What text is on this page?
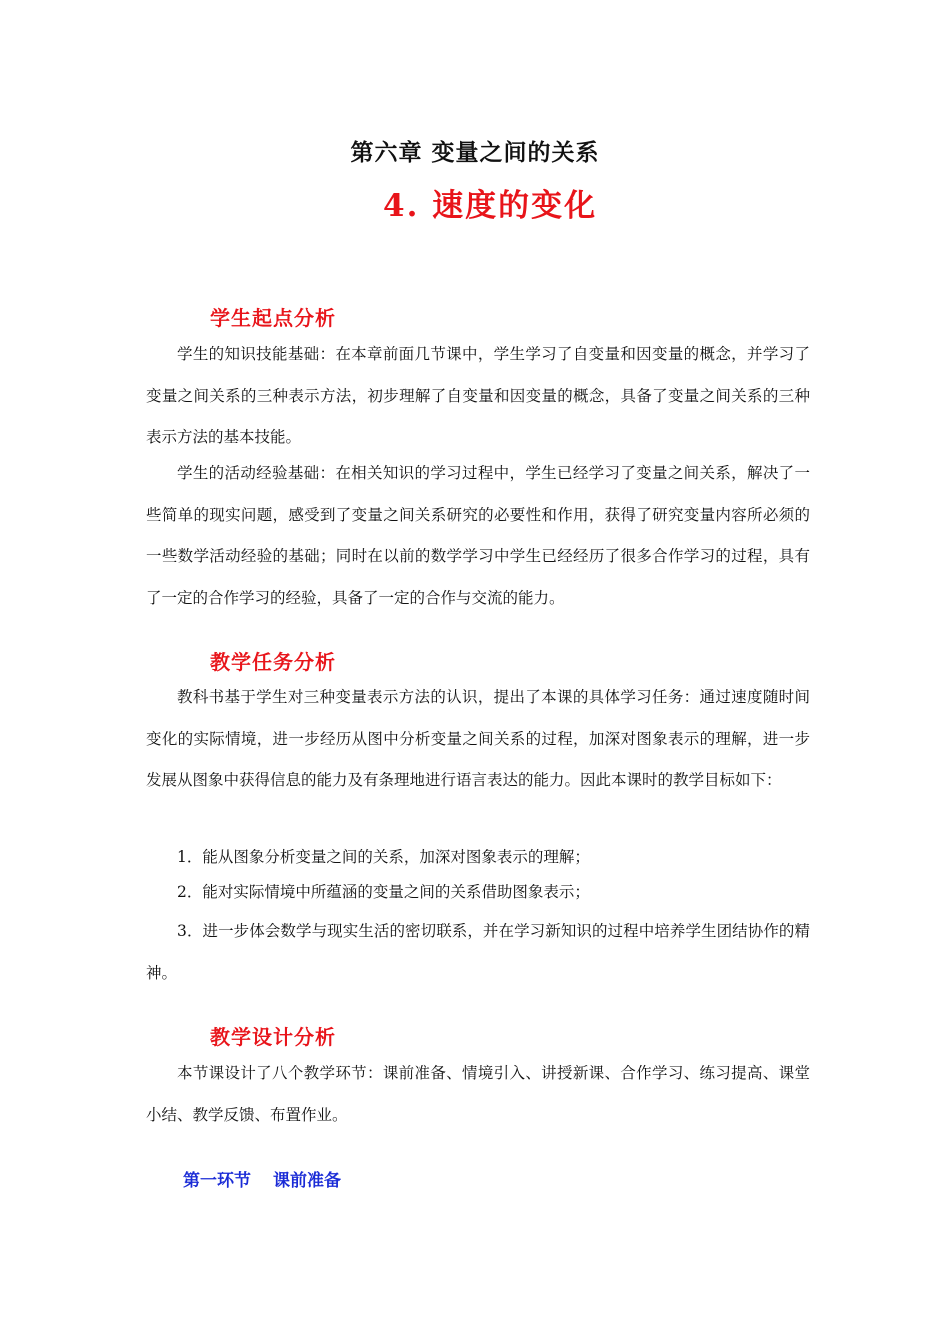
第六章 变量之间的关系
4. 速度的变化
学生起点分析
学生的知识技能基础：在本章前面几节课中，学生学习了自变量和因变量的概念，并学习了变量之间关系的三种表示方法，初步理解了自变量和因变量的概念，具备了变量之间关系的三种表示方法的基本技能。
学生的活动经验基础：在相关知识的学习过程中，学生已经学习了变量之间关系，解决了一些简单的现实问题，感受到了变量之间关系研究的必要性和作用，获得了研究变量内容所必须的一些数学活动经验的基础；同时在以前的数学学习中学生已经经历了很多合作学习的过程，具有了一定的合作学习的经验，具备了一定的合作与交流的能力。
教学任务分析
教科书基于学生对三种变量表示方法的认识，提出了本课的具体学习任务：通过速度随时间变化的实际情境，进一步经历从图中分析变量之间关系的过程，加深对图象表示的理解，进一步发展从图象中获得信息的能力及有条理地进行语言表达的能力。因此本课时的教学目标如下：
1．能从图象分析变量之间的关系，加深对图象表示的理解；
2．能对实际情境中所蕴涵的变量之间的关系借助图象表示；
3．进一步体会数学与现实生活的密切联系，并在学习新知识的过程中培养学生团结协作的精神。
教学设计分析
本节课设计了八个教学环节：课前准备、情境引入、讲授新课、合作学习、练习提高、课堂小结、教学反馈、布置作业。
第一环节 课前准备
